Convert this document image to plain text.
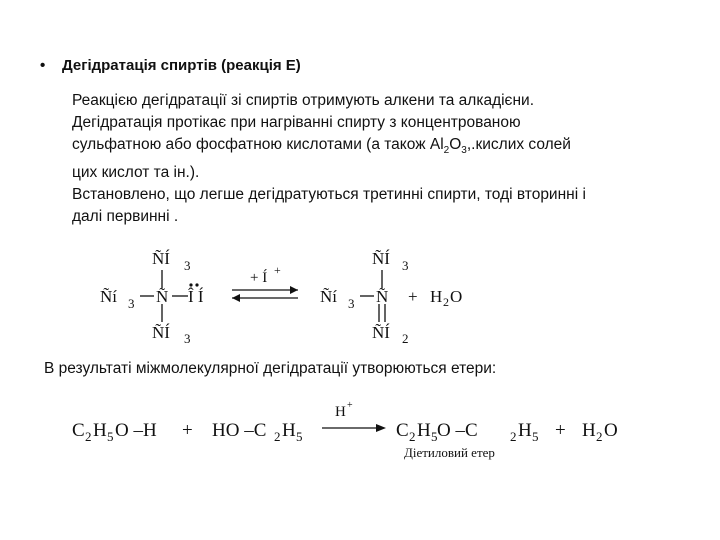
• Дегідратація спиртів (реакція Е)

Реакцією дегідратації зі спиртів отримують алкени та алкадієни.

Дегідратація протікає при нагріванні спирту з концентрованою

сульфатною або фосфатною кислотами (а також $Al_2O_3,.кислих$ солей

цих кислот та ін.).

Встановлено, що легше дегідратуються третинні спирти, тоді вторинні і

далі первинні .

ÑÍ 3
Ñí 3 Ñ Î Í
ÑÍ 3
+ Í +
ÑÍ 3
Ñí 3 Ñ
ÑÍ 2
+ H 2 O
В результаті міжмолекулярної дегідратації утворюються етери:
C 2 H 5 O –H + HO –C 2 H 5
H +
C 2 H 5 O –C 2 H 5 + H 2 O
Діетиловий етер
